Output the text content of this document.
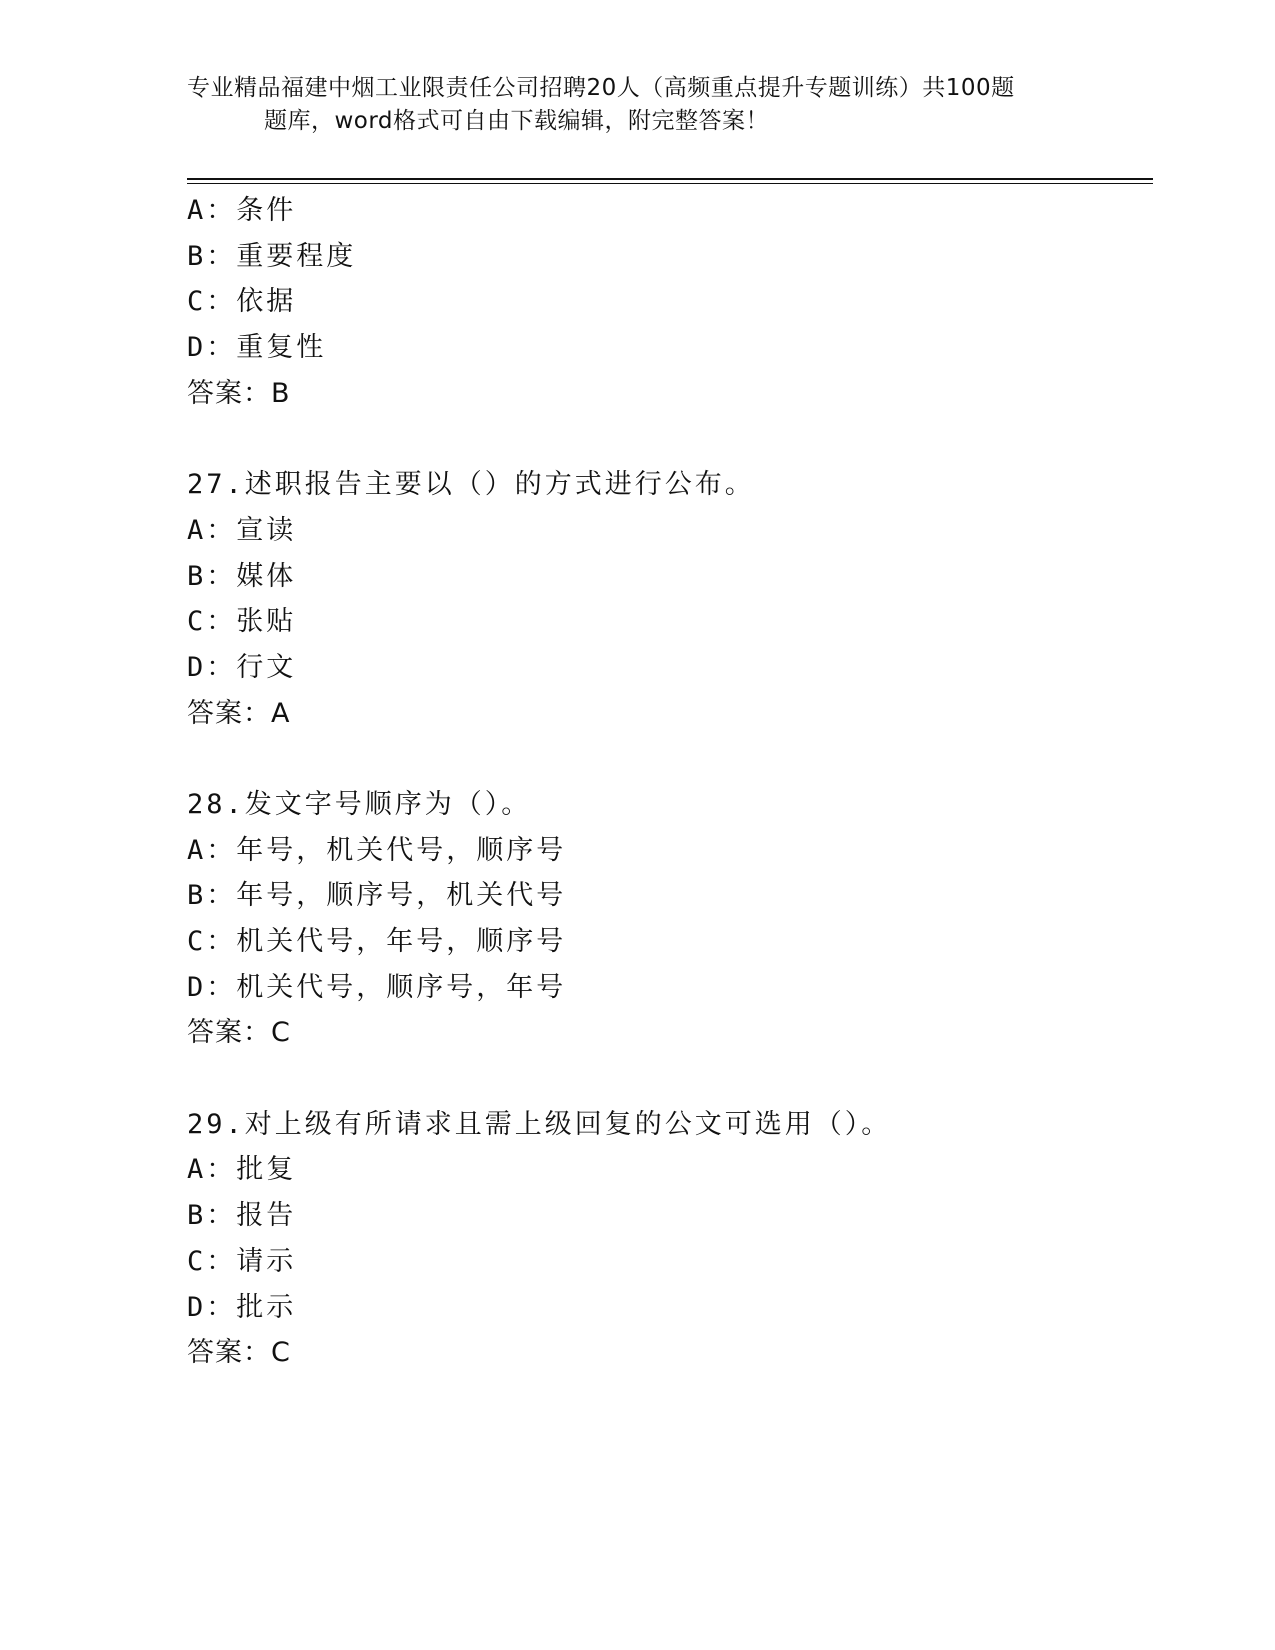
专业精品福建中烟工业限责任公司招聘20人（高频重点提升专题训练）共100题
题库，word格式可自由下载编辑，附完整答案！
A：条件
B：重要程度
C：依据
D：重复性
答案：B
27.述职报告主要以（）的方式进行公布。
A：宣读
B：媒体
C：张贴
D：行文
答案：A
28.发文字号顺序为（）。
A：年号，机关代号，顺序号
B：年号，顺序号，机关代号
C：机关代号，年号，顺序号
D：机关代号，顺序号，年号
答案：C
29.对上级有所请求且需上级回复的公文可选用（）。
A：批复
B：报告
C：请示
D：批示
答案：C
